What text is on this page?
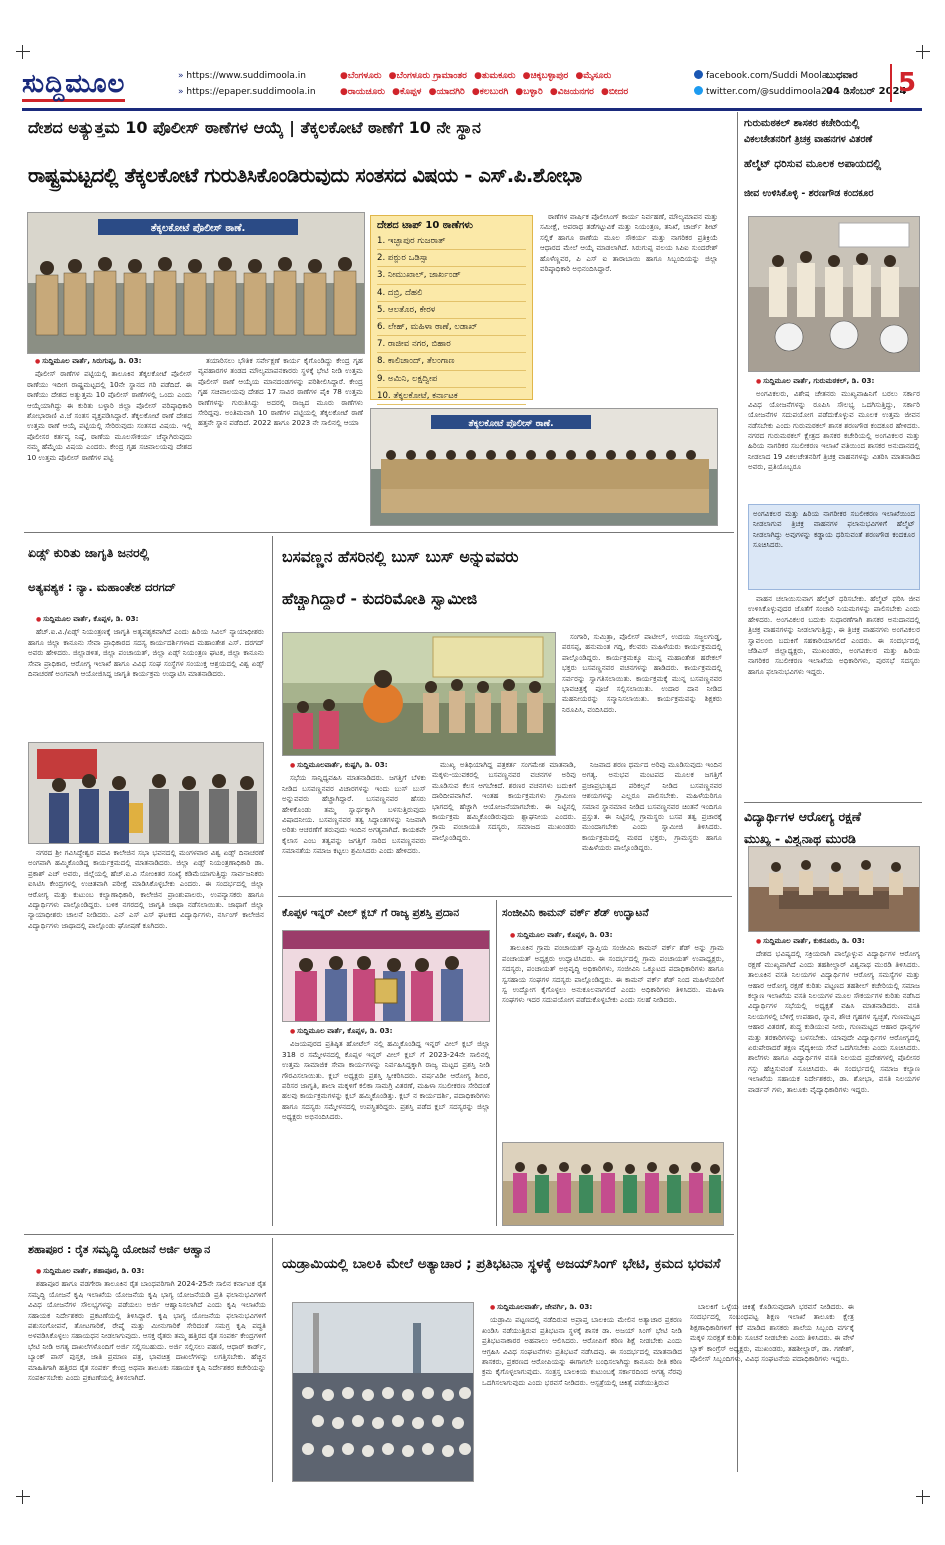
ಸುದ್ದಿಮೂಲ
»	https://www.suddimoola.in
» https://epaper.suddimoola.in
●ಬೆಂಗಳೂರು ●ಬೆಂಗಳೂರು ಗ್ರಾಮಾಂತರ ●ತುಮಕೂರು ●ಚಿಕ್ಕಬಳ್ಳಾಪುರ ●ಮೈಸೂರು
●ರಾಯಚೂರು ●ಕೊಪ್ಪಳ ●ಯಾದಗಿರಿ ●ಕಲಬುರಗಿ ●ಬಳ್ಳಾರಿ ●ವಿಜಯನಗರ ●ಬೀದರ
facebook.com/Suddi Moola
twitter.com/@suddimoola22
ಬುಧವಾರ
04 ಡಿಸೆಂಬರ್ 2024
5
ದೇಶದ ಅತ್ಯುತ್ತಮ 10 ಪೊಲೀಸ್ ಠಾಣೆಗಳ ಆಯ್ಕೆ | ತೆಕ್ಕಲಕೋಟೆ ಠಾಣೆಗೆ 10 ನೇ ಸ್ಥಾನ
ರಾಷ್ಟ್ರಮಟ್ಟದಲ್ಲಿ ತೆಕ್ಕಲಕೋಟೆ ಗುರುತಿಸಿಕೊಂಡಿರುವುದು ಸಂತಸದ ವಿಷಯ - ಎಸ್.ಪಿ.ಶೋಭಾ
ತೆಕ್ಕಲಕೋಟೆ ಪೊಲೀಸ್ ಠಾಣೆ.	ದೇಶದ ಟಾಪ್ 10 ಠಾಣೆಗಳು
1. ಇಚ್ಛಾಪುರ ಗುಜರಾತ್
2. ಪಠ್ಪುರ ಒಡಿಸ್ಸಾ
3. ನೀಮುಖಾಲ್, ಜಾರ್ಖಂಡ್
4. ದಬ್ರಿ, ದೆಹಲಿ
5. ಆಲತೊರ, ಕೇರಳ
6. ಲೇಹ್, ಮಹಿಳಾ ಠಾಣೆ, ಲಡಾಖ್
7. ರಾಜೀವ ನಗರ, ಬಿಹಾರ
8. ಕಾಲಿಚಾಂದ್, ತೆಲಂಗಾಣ
9. ಅಮಿನಿ, ಲಕ್ಷದ್ವೀಪ
10. ತೆಕ್ಕಲಕೋಟೆ, ಕರ್ನಾಟಕ

ಠಾಣೆಗಳ ವಾರ್ಷಿಕ ಪೊಲೀಸಿಂಗ್ ಕಾರ್ಯ ನಿರ್ವಹಣೆ, ಮೌಲ್ಯಮಾಪನ ಮತ್ತು ಸಮೀಕ್ಷೆ, ಅಪರಾಧ ತಡೆಗಟ್ಟುವಿಕೆ ಮತ್ತು ನಿಯಂತ್ರಣ, ತನಿಖೆ, ಚಾರ್ಜ್ ಶೀಟ್ ಸಲ್ಲಿಕೆ ಹಾಗೂ ಠಾಣೆಯ ಮೂಲ ಸೌಕರ್ಯ ಮತ್ತು ನಾಗರಿಕರ ಪ್ರತಿಕ್ರಿಯೆ ಆಧಾರದ ಮೇಲೆ ಆಯ್ಕೆ ಮಾಡಲಾಗಿದೆ. ಸಿರುಗುಪ್ಪ ವಲಯ ಸಿಪಿಐ ಸುಂದರೇಶ್ ಹೊಳೆಣ್ಣವರ, ಪಿ ಎಸ್ ಐ ತಾರಾಬಾಯಿ ಹಾಗೂ ಸಿಬ್ಬಂದಿಯನ್ನು ಜಿಲ್ಲಾ ವರಿಷ್ಠಾಧಿಕಾರಿ ಅಭಿನಂದಿಸಿದ್ದಾರೆ.

● ಸುದ್ದಿಮೂಲ ವಾರ್ತೆ, ಸಿರುಗುಪ್ಪ, ಡಿ. 03:

ಪೊಲೀಸ್ ಠಾಣೆಗಳ ಪಟ್ಟಿಯಲ್ಲಿ ತಾಲೂಕಿನ ತೆಕ್ಕಲಕೋಟೆ ಪೊಲೀಸ್ ಠಾಣೆಯು ಇದೀಗ ರಾಷ್ಟ್ರಮಟ್ಟದಲ್ಲಿ 10ನೇ ಸ್ಥಾನದ ಗರಿ ಪಡೆದಿದೆ. ಈ ಠಾಣೆಯು ದೇಶದ ಅತ್ಯುತ್ತಮ 10 ಪೊಲೀಸ್ ಠಾಣೆಗಳಲ್ಲಿ ಒಂದು ಎಂದು ಆಯ್ಕೆಯಾಗಿದ್ದು ಈ ಕುರಿತು ಬಳ್ಳಾರಿ ಜಿಲ್ಲಾ ಪೊಲೀಸ್ ವರಿಷ್ಠಾಧಿಕಾರಿ ಶೋಭಾರಾಣಿ ವಿ.ಜೆ ಸಂತಸ ವ್ಯಕ್ತಪಡಿಸಿದ್ದಾರೆ. ತೆಕ್ಕಲಕೋಟೆ ಠಾಣೆ ದೇಶದ ಉತ್ತಮ ಠಾಣೆ ಆಯ್ಕೆ ಪಟ್ಟಿಯಲ್ಲಿ ಸೇರಿರುವುದು ಸಂತಸದ ವಿಷಯ. ಇಲ್ಲಿ ಪೊಲೀಸರ ಕರ್ತವ್ಯ ನಿಷ್ಠೆ, ಠಾಣೆಯ ಮೂಲಸೌಕರ್ಯ ಚೆನ್ನಾಗಿರುವುದು ನಮ್ಮ ಹೆಮ್ಮೆಯ ವಿಷಯ ಎಂದರು. ಕೇಂದ್ರ ಗೃಹ ಸಚಿವಾಲಯವು ದೇಶದ 10 ಉತ್ತಮ ಪೊಲೀಸ್ ಠಾಣೆಗಳ ಪಟ್ಟಿ

ತಯಾರಿಸಲು ಭೌತಿಕ ಸರ್ವೇಕ್ಷಣೆ ಕಾರ್ಯ ಕೈಗೊಂಡಿದ್ದು ಕೇಂದ್ರ ಗೃಹ ವ್ಯವಹಾರಗಳ ತಂಡದ ಮೌಲ್ಯಮಾಪನಕಾರರು ಸ್ಥಳಕ್ಕೆ ಭೇಟಿ ನೀಡಿ ಉತ್ತಮ ಪೊಲೀಸ್ ಠಾಣೆ ಆಯ್ಕೆಯ ಮಾನದಂಡಗಳನ್ನು ಪರಿಶೀಲಿಸಿದ್ದಾರೆ. ಕೇಂದ್ರ ಗೃಹ ಸಚಿವಾಲಯವು ದೇಶದ 17 ಸಾವಿರ ಠಾಣೆಗಳ ಪೈಕಿ 78 ಉತ್ತಮ ಠಾಣೆಗಳನ್ನು ಗುರುತಿಸಿದ್ದು ಅದರಲ್ಲಿ ರಾಜ್ಯದ ಮೂರು ಠಾಣೆಗಳು ಸೇರಿದ್ದವು. ಅಂತಿಮವಾಗಿ 10 ಠಾಣೆಗಳ ಪಟ್ಟಿಯಲ್ಲಿ ತೆಕ್ಕಲಕೋಟೆ ಠಾಣೆ ಹತ್ತನೇ ಸ್ಥಾನ ಪಡೆದಿದೆ. 2022 ಹಾಗೂ 2023 ನೇ ಸಾಲಿನಲ್ಲಿ ಆಯಾ	ತೆಕ್ಕಲಕೋಟೆ ಪೊಲೀಸ್ ಠಾಣೆ.
ಗುರುಮಠಕಲ್ ಶಾಸಕರ ಕಚೇರಿಯಲ್ಲಿ
ವಿಕಲಚೇತನರಿಗೆ ತ್ರಿಚಕ್ರ ವಾಹನಗಳ ವಿತರಣೆ
ಹೆಲ್ಮೆಟ್ ಧರಿಸುವ ಮೂಲಕ ಅಪಾಯದಲ್ಲಿ
ಜೀವ ಉಳಿಸಿಕೊಳ್ಳಿ - ಶರಣಗೌಡ ಕಂದಕೂರ

● ಸುದ್ದಿಮೂಲ ವಾರ್ತೆ, ಗುರುಮಠಕಲ್, ಡಿ. 03:

ಅಂಗವಿಕಲರು, ವಿಶೇಷ ಚೇತನರು ಮುಖ್ಯವಾಹಿನಿಗೆ ಬರಲು ಸರ್ಕಾರ ವಿವಿಧ ಯೋಜನೆಗಳನ್ನು ರೂಪಿಸಿ ಸೌಲಭ್ಯ ಒದಗಿಸುತ್ತಿದ್ದು, ಸರ್ಕಾರಿ ಯೋಜನೆಗಳ ಸದುಪಯೋಗ ಪಡೆದುಕೊಳ್ಳುವ ಮೂಲಕ ಉತ್ತಮ ಜೀವನ ನಡೆಸಬೇಕು ಎಂದು ಗುರುಮಠಕಲ್ ಶಾಸಕ ಶರಣಗೌಡ ಕಂದಕೂರ ಹೇಳಿದರು. ನಗರದ ಗುರುಮಠಕಲ್ ಕ್ಷೇತ್ರದ ಶಾಸಕರ ಕಚೇರಿಯಲ್ಲಿ ಅಂಗವಿಕಲರ ಮತ್ತು ಹಿರಿಯ ನಾಗರಿಕರ ಸಬಲೀಕರಣ ಇಲಾಖೆ ವತಿಯಿಂದ ಶಾಸಕರ ಅನುದಾನದಲ್ಲಿ ನೀಡಲಾದ 19 ವಿಕಲಚೇತನರಿಗೆ ತ್ರಿಚಕ್ರ ವಾಹನಗಳನ್ನು ವಿತರಿಸಿ ಮಾತನಾಡಿದ ಅವರು, ಪ್ರತಿಯೊಬ್ಬರೂ

ಅಂಗವಿಕಲರ ಮತ್ತು ಹಿರಿಯ ನಾಗರೀಕರ ಸಬಲೀಕರಣ ಇಲಾಖೆಯಿಂದ ನೀಡಲಾಗುವ ತ್ರಿಚಕ್ರ ವಾಹನಗಳ ಫಲಾನುಭವಿಗಳಿಗೆ ಹೆಲ್ಮೆಟ್ ನೀಡಲಾಗಿದ್ದು ಅವುಗಳನ್ನು ಕಡ್ಡಾಯ ಧರಿಸುವಂತೆ ಶರಣಗೌಡ ಕಂದಕೂರ ಸೂಚಿಸಿದರು.

ವಾಹನ ಚಲಾಯಿಸುವಾಗ ಹೆಲ್ಮೆಟ್ ಧರಿಸಬೇಕು. ಹೆಲ್ಮೆಟ್ ಧರಿಸಿ ಜೀವ ಉಳಿಸಿಕೊಳ್ಳುವುದರ ಜೊತೆಗೆ ಸಂಚಾರಿ ನಿಯಮಗಳನ್ನು ಪಾಲಿಸಬೇಕು ಎಂದು ಹೇಳಿದರು. ಅಂಗವಿಕಲರ ಬದುಕು ಸುಧಾರಣೆಗಾಗಿ ಶಾಸಕರ ಅನುದಾನದಲ್ಲಿ ತ್ರಿಚಕ್ರ ವಾಹನಗಳನ್ನು ನೀಡಲಾಗುತ್ತಿದ್ದು, ಈ ತ್ರಿಚಕ್ರ ವಾಹನಗಳು ಅಂಗವಿಕಲರ ಸ್ವಾವಲಂಬಿ ಬದುಕಿಗೆ ಸಹಕಾರಿಯಾಗಲಿದೆ ಎಂದರು. ಈ ಸಂದರ್ಭದಲ್ಲಿ ಜೆಡಿಎಸ್ ಜಿಲ್ಲಾಧ್ಯಕ್ಷರು, ಮುಖಂಡರು, ಅಂಗವಿಕಲರ ಮತ್ತು ಹಿರಿಯ ನಾಗರಿಕರ ಸಬಲೀಕರಣ ಇಲಾಖೆಯ ಅಧಿಕಾರಿಗಳು, ಪುರಸಭೆ ಸದಸ್ಯರು ಹಾಗೂ ಫಲಾನುಭವಿಗಳು ಇದ್ದರು.

ವಿದ್ಯಾರ್ಥಿಗಳ ಆರೋಗ್ಯ ರಕ್ಷಣೆ
ಮುಖ್ಯ - ವಿಶ್ವನಾಥ ಮುರಡಿ

● ಸುದ್ದಿಮೂಲ ವಾರ್ತೆ, ಕುಕನೂರು, ಡಿ. 03:

ದೇಶದ ಭವಿಷ್ಯದಲ್ಲಿ ಸಕ್ರಿಯರಾಗಿ ಪಾಲ್ಗೊಳ್ಳುವ ವಿದ್ಯಾರ್ಥಿಗಳ ಆರೋಗ್ಯ ರಕ್ಷಣೆ ಮುಖ್ಯವಾಗಿದೆ ಎಂದು ತಹಶೀಲ್ದಾರ್ ವಿಶ್ವನಾಥ ಮುರಡಿ ತಿಳಿಸಿದರು. ತಾಲೂಕಿನ ವಸತಿ ನಿಲಯಗಳ ವಿದ್ಯಾರ್ಥಿಗಳ ಆರೋಗ್ಯ ಸಮಸ್ಯೆಗಳ ಮತ್ತು ಆಹಾರ ಆರೋಗ್ಯ ರಕ್ಷಣೆ ಕುರಿತು ಪಟ್ಟಣದ ತಹಶೀಲ್ ಕಚೇರಿಯಲ್ಲಿ ಸಮಾಜ ಕಲ್ಯಾಣ ಇಲಾಖೆಯ ವಸತಿ ನಿಲಯಗಳ ಮೂಲ ಸೌಕರ್ಯಗಳ ಕುರಿತು ನಡೆಸಿದ ವಿದ್ಯಾರ್ಥಿಗಳ ಸಭೆಯಲ್ಲಿ ಅಧ್ಯಕ್ಷತೆ ವಹಿಸಿ ಮಾತನಾಡಿದರು. ವಸತಿ ನಿಲಯಗಳಲ್ಲಿ ಬೆಳಿಗ್ಗೆ ಉಪಹಾರ, ಸ್ನಾನ, ಶೌಚ ಗೃಹಗಳ ಸ್ವಚ್ಛತೆ, ಗುಣಮಟ್ಟದ ಆಹಾರ ವಿತರಣೆ, ಶುದ್ಧ ಕುಡಿಯುವ ನೀರು, ಗುಣಮಟ್ಟದ ಆಹಾರ ಧಾನ್ಯಗಳ ಮತ್ತು ತರಕಾರಿಗಳನ್ನು ಬಳಸಬೇಕು. ಯಾವುದೇ ವಿದ್ಯಾರ್ಥಿಗಳ ಆರೋಗ್ಯದಲ್ಲಿ ಏರುಪೇರಾದರೆ ತಕ್ಷಣ ವೈದ್ಯಕೀಯ ಸೇವೆ ಒದಗಿಸಬೇಕು ಎಂದು ಸೂಚಿಸಿದರು. ಶಾಲೆಗಳು ಹಾಗೂ ವಿದ್ಯಾರ್ಥಿಗಳ ವಸತಿ ನಿಲಯದ ಪ್ರದೇಶಗಳಲ್ಲಿ ಪೊಲೀಸರ ಗಸ್ತು ಹೆಚ್ಚಿಸುವಂತೆ ಸೂಚಿಸಿದರು. ಈ ಸಂದರ್ಭದಲ್ಲಿ ಸಮಾಜ ಕಲ್ಯಾಣ ಇಲಾಖೆಯ ಸಹಾಯಕ ನಿರ್ದೇಶಕರು, ಡಾ. ಶೋಭಾ, ವಸತಿ ನಿಲಯಗಳ ವಾರ್ಡನ್ ಗಳು, ತಾಲೂಕು ವೈದ್ಯಾಧಿಕಾರಿಗಳು ಇದ್ದರು.

ಏಡ್ಸ್ ಕುರಿತು ಜಾಗೃತಿ ಜನರಲ್ಲಿ
ಅತ್ಯವಶ್ಯಕ : ನ್ಯಾ. ಮಹಾಂತೇಶ ದರಗದ್

● ಸುದ್ದಿಮೂಲ ವಾರ್ತೆ, ಕೊಪ್ಪಳ, ಡಿ. 03:

ಹೆಚ್.ಐ.ವಿ./ಏಡ್ಸ್ ನಿಯಂತ್ರಣಕ್ಕೆ ಜಾಗೃತಿ ಅತ್ಯವಶ್ಯಕವಾಗಿದೆ ಎಂದು ಹಿರಿಯ ಸಿವಿಲ್ ನ್ಯಾಯಾಧೀಶರು ಹಾಗೂ ಜಿಲ್ಲಾ ಕಾನೂನು ಸೇವಾ ಪ್ರಾಧಿಕಾರದ ಸದಸ್ಯ ಕಾರ್ಯದರ್ಶಿಗಳಾದ ಮಹಾಂತೇಶ ಎಸ್. ದರಗದ್ ಅವರು ಹೇಳಿದರು. ಜಿಲ್ಲಾಡಳಿತ, ಜಿಲ್ಲಾ ಪಂಚಾಯತ್, ಜಿಲ್ಲಾ ಏಡ್ಸ್ ನಿಯಂತ್ರಣ ಘಟಕ, ಜಿಲ್ಲಾ ಕಾನೂನು ಸೇವಾ ಪ್ರಾಧಿಕಾರ, ಆರೋಗ್ಯ ಇಲಾಖೆ ಹಾಗೂ ವಿವಿಧ ಸಂಘ ಸಂಸ್ಥೆಗಳ ಸಂಯುಕ್ತ ಆಶ್ರಯದಲ್ಲಿ ವಿಶ್ವ ಏಡ್ಸ್ ದಿನಾಚರಣೆ ಅಂಗವಾಗಿ ಆಯೋಜಿಸಿದ್ದ ಜಾಗೃತಿ ಕಾರ್ಯಕ್ರಮ ಉದ್ಘಾಟಿಸಿ ಮಾತನಾಡಿದರು.

ನಗರದ ಶ್ರೀ ಗವಿಸಿದ್ಧೇಶ್ವರ ಪದವಿ ಕಾಲೇಜಿನ ಸಭಾ ಭವನದಲ್ಲಿ ಮಂಗಳವಾರ ವಿಶ್ವ ಏಡ್ಸ್ ದಿನಾಚರಣೆ ಅಂಗವಾಗಿ ಹಮ್ಮಿಕೊಂಡಿದ್ದ ಕಾರ್ಯಕ್ರಮದಲ್ಲಿ ಮಾತನಾಡಿದರು. ಜಿಲ್ಲಾ ಏಡ್ಸ್ ನಿಯಂತ್ರಣಾಧಿಕಾರಿ ಡಾ. ಪ್ರಕಾಶ್ ಎಚ್ ಅವರು, ಜಿಲ್ಲೆಯಲ್ಲಿ ಹೆಚ್.ಐ.ವಿ ಸೋಂಕಿತರ ಸಂಖ್ಯೆ ಕಡಿಮೆಯಾಗುತ್ತಿದ್ದು ಸಾರ್ವಜನಿಕರು ಐಸಿಟಿಸಿ ಕೇಂದ್ರಗಳಲ್ಲಿ ಉಚಿತವಾಗಿ ಪರೀಕ್ಷೆ ಮಾಡಿಸಿಕೊಳ್ಳಬೇಕು ಎಂದರು. ಈ ಸಂದರ್ಭದಲ್ಲಿ ಜಿಲ್ಲಾ ಆರೋಗ್ಯ ಮತ್ತು ಕುಟುಂಬ ಕಲ್ಯಾಣಾಧಿಕಾರಿ, ಕಾಲೇಜಿನ ಪ್ರಾಂಶುಪಾಲರು, ಉಪನ್ಯಾಸಕರು ಹಾಗೂ ವಿದ್ಯಾರ್ಥಿಗಳು ಪಾಲ್ಗೊಂಡಿದ್ದರು. ಬಳಿಕ ನಗರದಲ್ಲಿ ಜಾಗೃತಿ ಜಾಥಾ ನಡೆಸಲಾಯಿತು. ಜಾಥಾಗೆ ಜಿಲ್ಲಾ ನ್ಯಾಯಾಧೀಶರು ಚಾಲನೆ ನೀಡಿದರು. ಎನ್ ಎಸ್ ಎಸ್ ಘಟಕದ ವಿದ್ಯಾರ್ಥಿಗಳು, ನರ್ಸಿಂಗ್ ಕಾಲೇಜಿನ ವಿದ್ಯಾರ್ಥಿಗಳು ಜಾಥಾದಲ್ಲಿ ಪಾಲ್ಗೊಂಡು ಘೋಷಣೆ ಕೂಗಿದರು.

ಬಸವಣ್ಣನ ಹೆಸರಿನಲ್ಲಿ ಬುಸ್ ಬುಸ್ ಅನ್ನುವವರು
ಹೆಚ್ಚಾಗಿದ್ದಾರೆ - ಕುದರಿಮೋತಿ ಸ್ವಾಮೀಜಿ

ಸಂಗಾರಿ, ಸುಮಿತ್ರಾ, ಪೊಲೀಸ್ ಪಾಟೀಲ್, ಉದಯ ಸಜ್ಜಲಗುಡ್ಡ, ಪರಸಪ್ಪ, ಹನುಮಂತ ಗದ್ದಿ, ಕೆಲವರು ಮಹಿಳೆಯರು ಕಾರ್ಯಕ್ರಮದಲ್ಲಿ ಪಾಲ್ಗೊಂಡಿದ್ದರು. ಕಾರ್ಯಕ್ರಮಕ್ಕೂ ಮುನ್ನ ಮಹಾಂತೇಶ ಹರೇಕಲ್ ಭಕ್ತರು ಬಸವಣ್ಣನವರ ವಚನಗಳನ್ನು ಹಾಡಿದರು. ಕಾರ್ಯಕ್ರಮದಲ್ಲಿ ಸರ್ವರನ್ನು ಸ್ವಾಗತಿಸಲಾಯಿತು. ಕಾರ್ಯಕ್ರಮಕ್ಕೆ ಮುನ್ನ ಬಸವಣ್ಣನವರ ಭಾವಚಿತ್ರಕ್ಕೆ ಪೂಜೆ ಸಲ್ಲಿಸಲಾಯಿತು. ಉದಾರ ದಾನ ನೀಡಿದ ಮಹನೀಯರನ್ನು ಸನ್ಮಾನಿಸಲಾಯಿತು. ಕಾರ್ಯಕ್ರಮವನ್ನು ಶಿಕ್ಷಕರು ನಿರೂಪಿಸಿ, ವಂದಿಸಿದರು.

● ಸುದ್ದಿಮೂಲವಾರ್ತೆ, ಕುಷ್ಟಗಿ, ಡಿ. 03:

ಸಭೆಯ ಸಾನ್ನಿಧ್ಯವಹಿಸಿ ಮಾತನಾಡಿದರು. ಜಗತ್ತಿಗೆ ಬೆಳಕು ನೀಡಿದ ಬಸವಣ್ಣನವರ ವಿಚಾರಗಳನ್ನು ಇಂದು ಬುಸ್ ಬುಸ್ ಅನ್ನುವವರು ಹೆಚ್ಚಾಗಿದ್ದಾರೆ. ಬಸವಣ್ಣನವರ ಹೆಸರು ಹೇಳಿಕೊಂಡು ತಮ್ಮ ಸ್ವಾರ್ಥಕ್ಕಾಗಿ ಬಳಸುತ್ತಿರುವುದು ವಿಷಾದನೀಯ. ಬಸವಣ್ಣನವರ ತತ್ವ ಸಿದ್ಧಾಂತಗಳನ್ನು ನಿಜವಾಗಿ ಅರಿತು ಆಚರಣೆಗೆ ತರುವುದು ಇಂದಿನ ಅಗತ್ಯವಾಗಿದೆ. ಕಾಯಕವೇ ಕೈಲಾಸ ಎಂಬ ತತ್ವವನ್ನು ಜಗತ್ತಿಗೆ ಸಾರಿದ ಬಸವಣ್ಣನವರು ಸಮಾನತೆಯ ಸಮಾಜ ಕಟ್ಟಲು ಶ್ರಮಿಸಿದರು ಎಂದು ಹೇಳಿದರು.

ಮುಖ್ಯ ಅತಿಥಿಯಾಗಿದ್ದ ಪತ್ರಕರ್ತ ಸಂಗಮೇಶ ಮಾತನಾಡಿ, ಮಕ್ಕಳು-ಯುವಕರಲ್ಲಿ ಬಸವಣ್ಣನವರ ವಚನಗಳ ಅರಿವು ಮೂಡಿಸುವ ಕೆಲಸ ಆಗಬೇಕಿದೆ. ಶರಣರ ವಚನಗಳು ಬದುಕಿಗೆ ದಾರಿದೀಪವಾಗಿವೆ. ಇಂತಹ ಕಾರ್ಯಕ್ರಮಗಳು ಗ್ರಾಮೀಣ ಭಾಗದಲ್ಲಿ ಹೆಚ್ಚಾಗಿ ಆಯೋಜನೆಯಾಗಬೇಕು. ಈ ನಿಟ್ಟಿನಲ್ಲಿ ಕಾರ್ಯಕ್ರಮ ಹಮ್ಮಿಕೊಂಡಿರುವುದು ಶ್ಲಾಘನೀಯ ಎಂದರು. ಗ್ರಾಮ ಪಂಚಾಯತಿ ಸದಸ್ಯರು, ಸಮಾಜದ ಮುಖಂಡರು ಪಾಲ್ಗೊಂಡಿದ್ದರು.

ನಿಜವಾದ ಶರಣ ಧರ್ಮದ ಅರಿವು ಮೂಡಿಸುವುದು ಇಂದಿನ ಅಗತ್ಯ. ಅನುಭವ ಮಂಟಪದ ಮೂಲಕ ಜಗತ್ತಿಗೆ ಪ್ರಜಾಪ್ರಭುತ್ವದ ಪರಿಕಲ್ಪನೆ ನೀಡಿದ ಬಸವಣ್ಣನವರ ಆಶಯಗಳನ್ನು ಎಲ್ಲರೂ ಪಾಲಿಸಬೇಕು. ಮಹಿಳೆಯರಿಗೂ ಸಮಾನ ಸ್ಥಾನಮಾನ ನೀಡಿದ ಬಸವಣ್ಣನವರ ಚಿಂತನೆ ಇಂದಿಗೂ ಪ್ರಸ್ತುತ. ಈ ನಿಟ್ಟಿನಲ್ಲಿ ಗ್ರಾಮಸ್ಥರು ಬಸವ ತತ್ವ ಪ್ರಚಾರಕ್ಕೆ ಮುಂದಾಗಬೇಕು ಎಂದು ಸ್ವಾಮೀಜಿ ತಿಳಿಸಿದರು. ಕಾರ್ಯಕ್ರಮದಲ್ಲಿ ಮಠದ ಭಕ್ತರು, ಗ್ರಾಮಸ್ಥರು ಹಾಗೂ ಮಹಿಳೆಯರು ಪಾಲ್ಗೊಂಡಿದ್ದರು.

ಕೊಪ್ಪಳ ಇನ್ನರ್ ವೀಲ್ ಕ್ಲಬ್ ಗೆ ರಾಜ್ಯ ಪ್ರಶಸ್ತಿ ಪ್ರದಾನ

● ಸುದ್ದಿಮೂಲ ವಾರ್ತೆ, ಕೊಪ್ಪಳ, ಡಿ. 03:

ವಿಜಯಪುರದ ಪ್ರತಿಷ್ಠಿತ ಹೋಟೆಲ್ ನಲ್ಲಿ ಹಮ್ಮಿಕೊಂಡಿದ್ದ ಇನ್ನರ್ ವೀಲ್ ಕ್ಲಬ್ ಜಿಲ್ಲಾ 318 ರ ಸಮ್ಮೇಳನದಲ್ಲಿ ಕೊಪ್ಪಳ ಇನ್ನರ್ ವೀಲ್ ಕ್ಲಬ್ ಗೆ 2023-24ನೇ ಸಾಲಿನಲ್ಲಿ ಉತ್ತಮ ಸಾಮಾಜಿಕ ಸೇವಾ ಕಾರ್ಯಗಳನ್ನು ನಿರ್ವಹಿಸಿದ್ದಕ್ಕಾಗಿ ರಾಜ್ಯ ಮಟ್ಟದ ಪ್ರಶಸ್ತಿ ನೀಡಿ ಗೌರವಿಸಲಾಯಿತು. ಕ್ಲಬ್ ಅಧ್ಯಕ್ಷರು ಪ್ರಶಸ್ತಿ ಸ್ವೀಕರಿಸಿದರು. ವರ್ಷವಿಡೀ ಆರೋಗ್ಯ ಶಿಬಿರ, ಪರಿಸರ ಜಾಗೃತಿ, ಶಾಲಾ ಮಕ್ಕಳಿಗೆ ಕಲಿಕಾ ಸಾಮಗ್ರಿ ವಿತರಣೆ, ಮಹಿಳಾ ಸಬಲೀಕರಣ ಸೇರಿದಂತೆ ಹಲವು ಕಾರ್ಯಕ್ರಮಗಳನ್ನು ಕ್ಲಬ್ ಹಮ್ಮಿಕೊಂಡಿತ್ತು. ಕ್ಲಬ್ ನ ಕಾರ್ಯದರ್ಶಿ, ಪದಾಧಿಕಾರಿಗಳು ಹಾಗೂ ಸದಸ್ಯರು ಸಮ್ಮೇಳನದಲ್ಲಿ ಉಪಸ್ಥಿತರಿದ್ದರು. ಪ್ರಶಸ್ತಿ ಪಡೆದ ಕ್ಲಬ್ ಸದಸ್ಯರನ್ನು ಜಿಲ್ಲಾ ಅಧ್ಯಕ್ಷರು ಅಭಿನಂದಿಸಿದರು.

ಸಂಜೀವಿನಿ ಕಾಮನ್ ವರ್ಕ್ ಶೆಡ್ ಉದ್ಘಾಟನೆ

● ಸುದ್ದಿಮೂಲ ವಾರ್ತೆ, ಕೊಪ್ಪಳ, ಡಿ. 03:

ತಾಲೂಕಿನ ಗ್ರಾಮ ಪಂಚಾಯತ್ ವ್ಯಾಪ್ತಿಯ ಸಂಜೀವಿನಿ ಕಾಮನ್ ವರ್ಕ್ ಶೆಡ್ ಅನ್ನು ಗ್ರಾಮ ಪಂಚಾಯತ್ ಅಧ್ಯಕ್ಷರು ಉದ್ಘಾಟಿಸಿದರು. ಈ ಸಂದರ್ಭದಲ್ಲಿ ಗ್ರಾಮ ಪಂಚಾಯತ್ ಉಪಾಧ್ಯಕ್ಷರು, ಸದಸ್ಯರು, ಪಂಚಾಯತ್ ಅಭಿವೃದ್ಧಿ ಅಧಿಕಾರಿಗಳು, ಸಂಜೀವಿನಿ ಒಕ್ಕೂಟದ ಪದಾಧಿಕಾರಿಗಳು ಹಾಗೂ ಸ್ವಸಹಾಯ ಸಂಘಗಳ ಸದಸ್ಯರು ಪಾಲ್ಗೊಂಡಿದ್ದರು. ಈ ಕಾಮನ್ ವರ್ಕ್ ಶೆಡ್ ನಿಂದ ಮಹಿಳೆಯರಿಗೆ ಸ್ವ ಉದ್ಯೋಗ ಕೈಗೊಳ್ಳಲು ಅನುಕೂಲವಾಗಲಿದೆ ಎಂದು ಅಧಿಕಾರಿಗಳು ತಿಳಿಸಿದರು. ಮಹಿಳಾ ಸಂಘಗಳು ಇದರ ಸದುಪಯೋಗ ಪಡೆದುಕೊಳ್ಳಬೇಕು ಎಂದು ಸಲಹೆ ನೀಡಿದರು.

ಶಹಾಪೂರ : ರೈತ ಸಮೃದ್ಧಿ ಯೋಜನೆ ಅರ್ಜಿ ಆಹ್ವಾನ

● ಸುದ್ದಿಮೂಲ ವಾರ್ತೆ, ಶಹಾಪೂರ, ಡಿ. 03:

ಶಹಾಪೂರ ಹಾಗೂ ವಡಗೇರಾ ತಾಲೂಕಿನ ರೈತ ಬಾಂಧವರಿಗಾಗಿ 2024-25ನೇ ಸಾಲಿನ ಕರ್ನಾಟಕ ರೈತ ಸಮೃದ್ಧಿ ಯೋಜನೆ ಕೃಷಿ ಇಲಾಖೆಯ ಯೋಜನೆಯ ಕೃಷಿ ಭಾಗ್ಯ ಯೋಜನೆಯಡಿ ಪ್ರತಿ ಫಲಾನುಭವಿಗಳಿಗೆ ವಿವಿಧ ಯೋಜನೆಗಳ ಸೌಲಭ್ಯಗಳನ್ನು ಪಡೆಯಲು ಅರ್ಜಿ ಆಹ್ವಾನಿಸಲಾಗಿದೆ ಎಂದು ಕೃಷಿ ಇಲಾಖೆಯ ಸಹಾಯಕ ನಿರ್ದೇಶಕರು ಪ್ರಕಟಣೆಯಲ್ಲಿ ತಿಳಿಸಿದ್ದಾರೆ. ಕೃಷಿ ಭಾಗ್ಯ ಯೋಜನೆಯ ಫಲಾನುಭವಿಗಳಿಗೆ ಪಶುಸಂಗೋಪನೆ, ತೋಟಗಾರಿಕೆ, ರೇಷ್ಮೆ ಮತ್ತು ಮೀನುಗಾರಿಕೆ ಸೇರಿದಂತೆ ಸಮಗ್ರ ಕೃಷಿ ಪದ್ಧತಿ ಅಳವಡಿಸಿಕೊಳ್ಳಲು ಸಹಾಯಧನ ನೀಡಲಾಗುವುದು. ಆಸಕ್ತ ರೈತರು ತಮ್ಮ ಹತ್ತಿರದ ರೈತ ಸಂಪರ್ಕ ಕೇಂದ್ರಗಳಿಗೆ ಭೇಟಿ ನೀಡಿ ಅಗತ್ಯ ದಾಖಲೆಗಳೊಂದಿಗೆ ಅರ್ಜಿ ಸಲ್ಲಿಸಬಹುದು. ಅರ್ಜಿ ಸಲ್ಲಿಸಲು ಪಹಣಿ, ಆಧಾರ್ ಕಾರ್ಡ್, ಬ್ಯಾಂಕ್ ಪಾಸ್ ಪುಸ್ತಕ, ಜಾತಿ ಪ್ರಮಾಣ ಪತ್ರ, ಭಾವಚಿತ್ರ ದಾಖಲೆಗಳನ್ನು ಲಗತ್ತಿಸಬೇಕು. ಹೆಚ್ಚಿನ ಮಾಹಿತಿಗಾಗಿ ಹತ್ತಿರದ ರೈತ ಸಂಪರ್ಕ ಕೇಂದ್ರ ಅಥವಾ ತಾಲೂಕು ಸಹಾಯಕ ಕೃಷಿ ನಿರ್ದೇಶಕರ ಕಚೇರಿಯನ್ನು ಸಂಪರ್ಕಿಸಬೇಕು ಎಂದು ಪ್ರಕಟಣೆಯಲ್ಲಿ ತಿಳಿಸಲಾಗಿದೆ.

ಯಡ್ರಾಮಿಯಲ್ಲಿ ಬಾಲಕಿ ಮೇಲೆ ಅತ್ಯಾಚಾರ ; ಪ್ರತಿಭಟನಾ ಸ್ಥಳಕ್ಕೆ ಅಜಯ್‌ಸಿಂಗ್ ಭೇಟಿ, ಕ್ರಮದ ಭರವಸೆ

● ಸುದ್ದಿಮೂಲವಾರ್ತೆ, ಜೇವರ್ಗಿ, ಡಿ. 03:

ಯಡ್ರಾಮಿ ಪಟ್ಟಣದಲ್ಲಿ ನಡೆದಿರುವ ಅಪ್ರಾಪ್ತ ಬಾಲಕಿಯ ಮೇಲಿನ ಅತ್ಯಾಚಾರ ಪ್ರಕರಣ ಖಂಡಿಸಿ ನಡೆಯುತ್ತಿರುವ ಪ್ರತಿಭಟನಾ ಸ್ಥಳಕ್ಕೆ ಶಾಸಕ ಡಾ. ಅಜಯ್ ಸಿಂಗ್ ಭೇಟಿ ನೀಡಿ ಪ್ರತಿಭಟನಾಕಾರರ ಅಹವಾಲು ಆಲಿಸಿದರು. ಆರೋಪಿಗೆ ಕಠಿಣ ಶಿಕ್ಷೆ ನೀಡಬೇಕು ಎಂದು ಆಗ್ರಹಿಸಿ ವಿವಿಧ ಸಂಘಟನೆಗಳು ಪ್ರತಿಭಟನೆ ನಡೆಸಿದವು. ಈ ಸಂದರ್ಭದಲ್ಲಿ ಮಾತನಾಡಿದ ಶಾಸಕರು, ಪ್ರಕರಣದ ಆರೋಪಿಯನ್ನು ಈಗಾಗಲೇ ಬಂಧಿಸಲಾಗಿದ್ದು ಕಾನೂನು ರೀತಿ ಕಠಿಣ ಕ್ರಮ ಕೈಗೊಳ್ಳಲಾಗುವುದು. ಸಂತ್ರಸ್ತ ಬಾಲಕಿಯ ಕುಟುಂಬಕ್ಕೆ ಸರ್ಕಾರದಿಂದ ಅಗತ್ಯ ನೆರವು ಒದಗಿಸಲಾಗುವುದು ಎಂದು ಭರವಸೆ ನೀಡಿದರು. ಆಸ್ಪತ್ರೆಯಲ್ಲಿ ಚಿಕಿತ್ಸೆ ಪಡೆಯುತ್ತಿರುವ

ಬಾಲಕಿಗೆ ಒಳ್ಳೆಯ ಚಿಕಿತ್ಸೆ ಕೊಡಿಸುವುದಾಗಿ ಭರವಸೆ ನೀಡಿದರು. ಈ ಸಂದರ್ಭದಲ್ಲಿ ಸಂಬಂಧಪಟ್ಟ ಶಿಕ್ಷಣ ಇಲಾಖೆ ತಾಲೂಕು ಕ್ಷೇತ್ರ ಶಿಕ್ಷಣಾಧಿಕಾರಿಗಳಿಗೆ ಕರೆ ಮಾಡಿದ ಶಾಸಕರು ಶಾಲೆಯ ಸಿಬ್ಬಂದಿ ವರ್ಗಕ್ಕೆ ಮಕ್ಕಳ ಸುರಕ್ಷತೆ ಕುರಿತು ಸೂಚನೆ ನೀಡಬೇಕು ಎಂದು ತಿಳಿಸಿದರು. ಈ ವೇಳೆ ಬ್ಲಾಕ್ ಕಾಂಗ್ರೆಸ್ ಅಧ್ಯಕ್ಷರು, ಮುಖಂಡರು, ತಹಶೀಲ್ದಾರ್, ಡಾ. ಗಣೇಶ್, ಪೊಲೀಸ್ ಸಿಬ್ಬಂದಿಗಳು, ವಿವಿಧ ಸಂಘಟನೆಯ ಪದಾಧಿಕಾರಿಗಳು ಇದ್ದರು.
